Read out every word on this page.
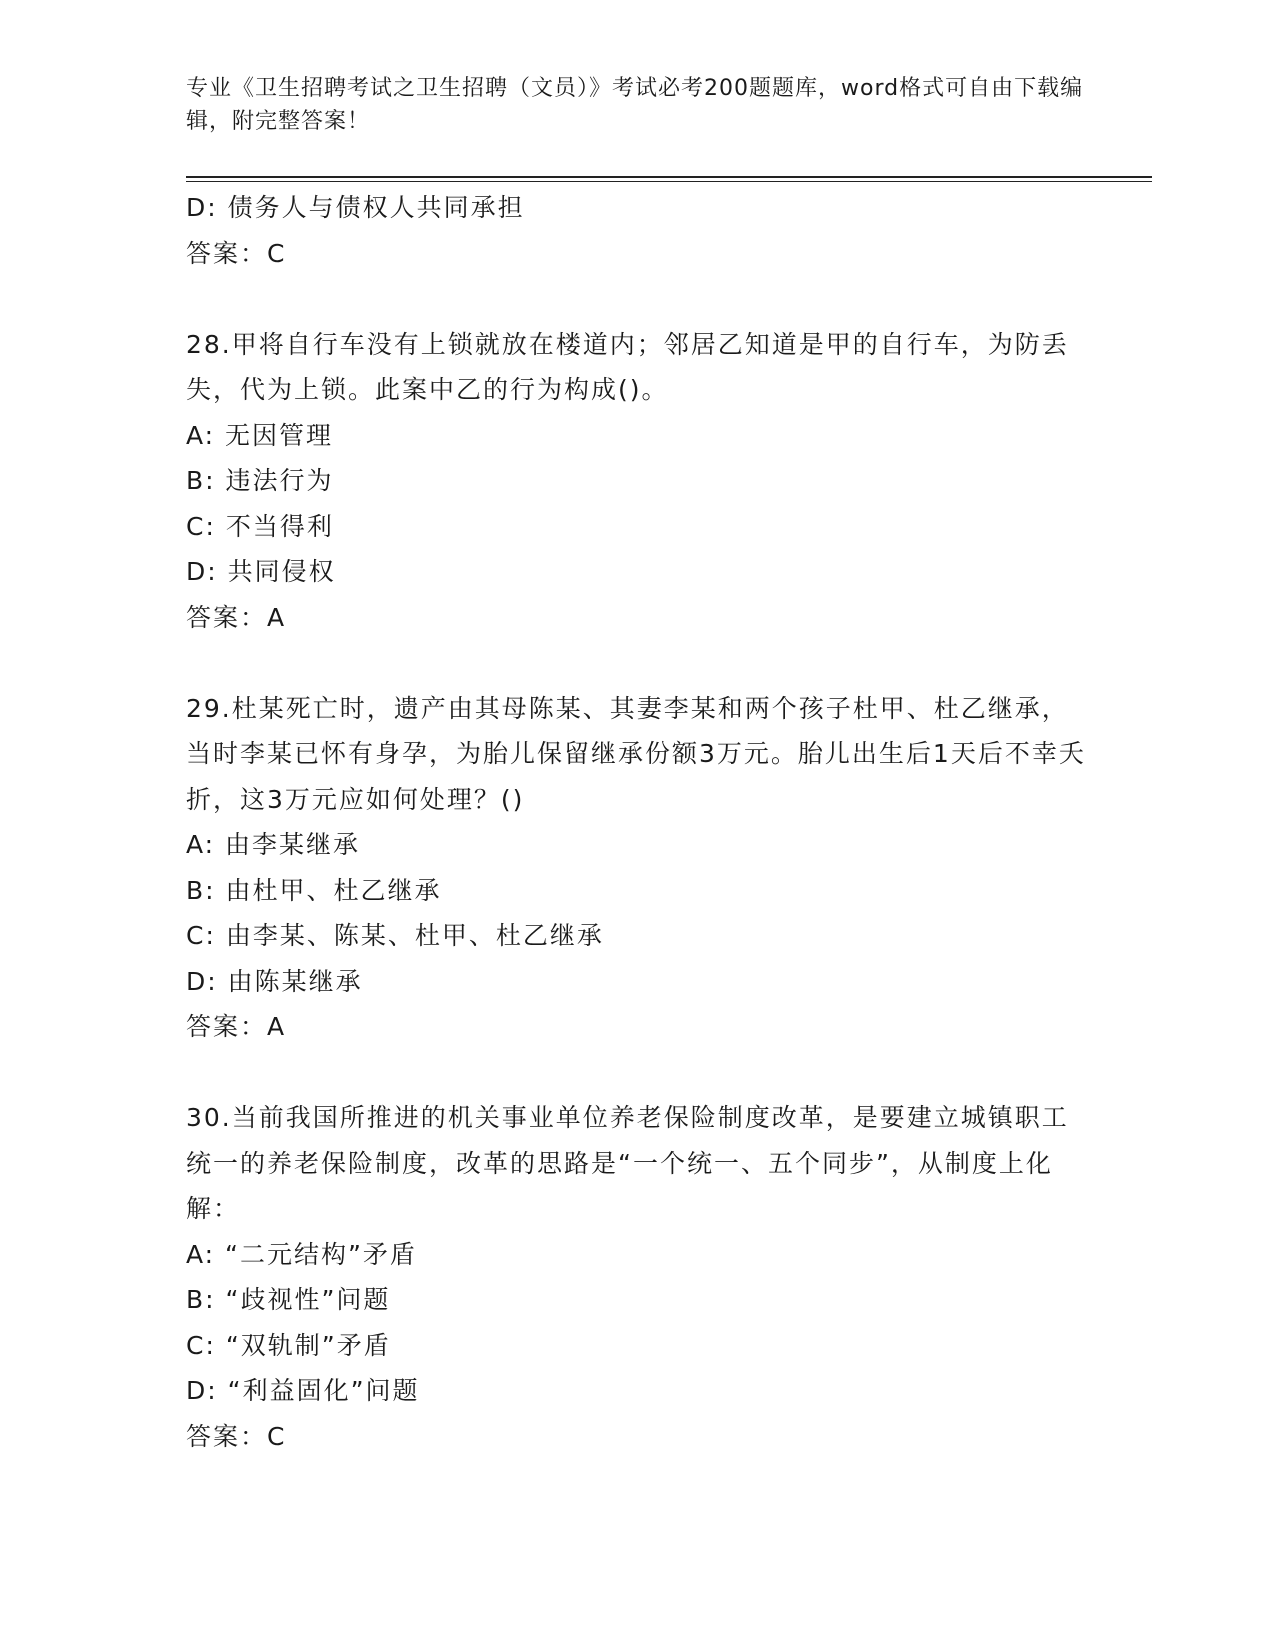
专业《卫生招聘考试之卫生招聘（文员）》考试必考200题题库，word格式可自由下载编辑，附完整答案！
D: 债务人与债权人共同承担
答案：C
28.甲将自行车没有上锁就放在楼道内；邻居乙知道是甲的自行车，为防丢失，代为上锁。此案中乙的行为构成()。
A: 无因管理
B: 违法行为
C: 不当得利
D: 共同侵权
答案：A
29.杜某死亡时，遗产由其母陈某、其妻李某和两个孩子杜甲、杜乙继承，当时李某已怀有身孕，为胎儿保留继承份额3万元。胎儿出生后1天后不幸夭折，这3万元应如何处理？()
A: 由李某继承
B: 由杜甲、杜乙继承
C: 由李某、陈某、杜甲、杜乙继承
D: 由陈某继承
答案：A
30.当前我国所推进的机关事业单位养老保险制度改革，是要建立城镇职工统一的养老保险制度，改革的思路是“一个统一、五个同步”，从制度上化解：
A: “二元结构”矛盾
B: “歧视性”问题
C: “双轨制”矛盾
D: “利益固化”问题
答案：C
